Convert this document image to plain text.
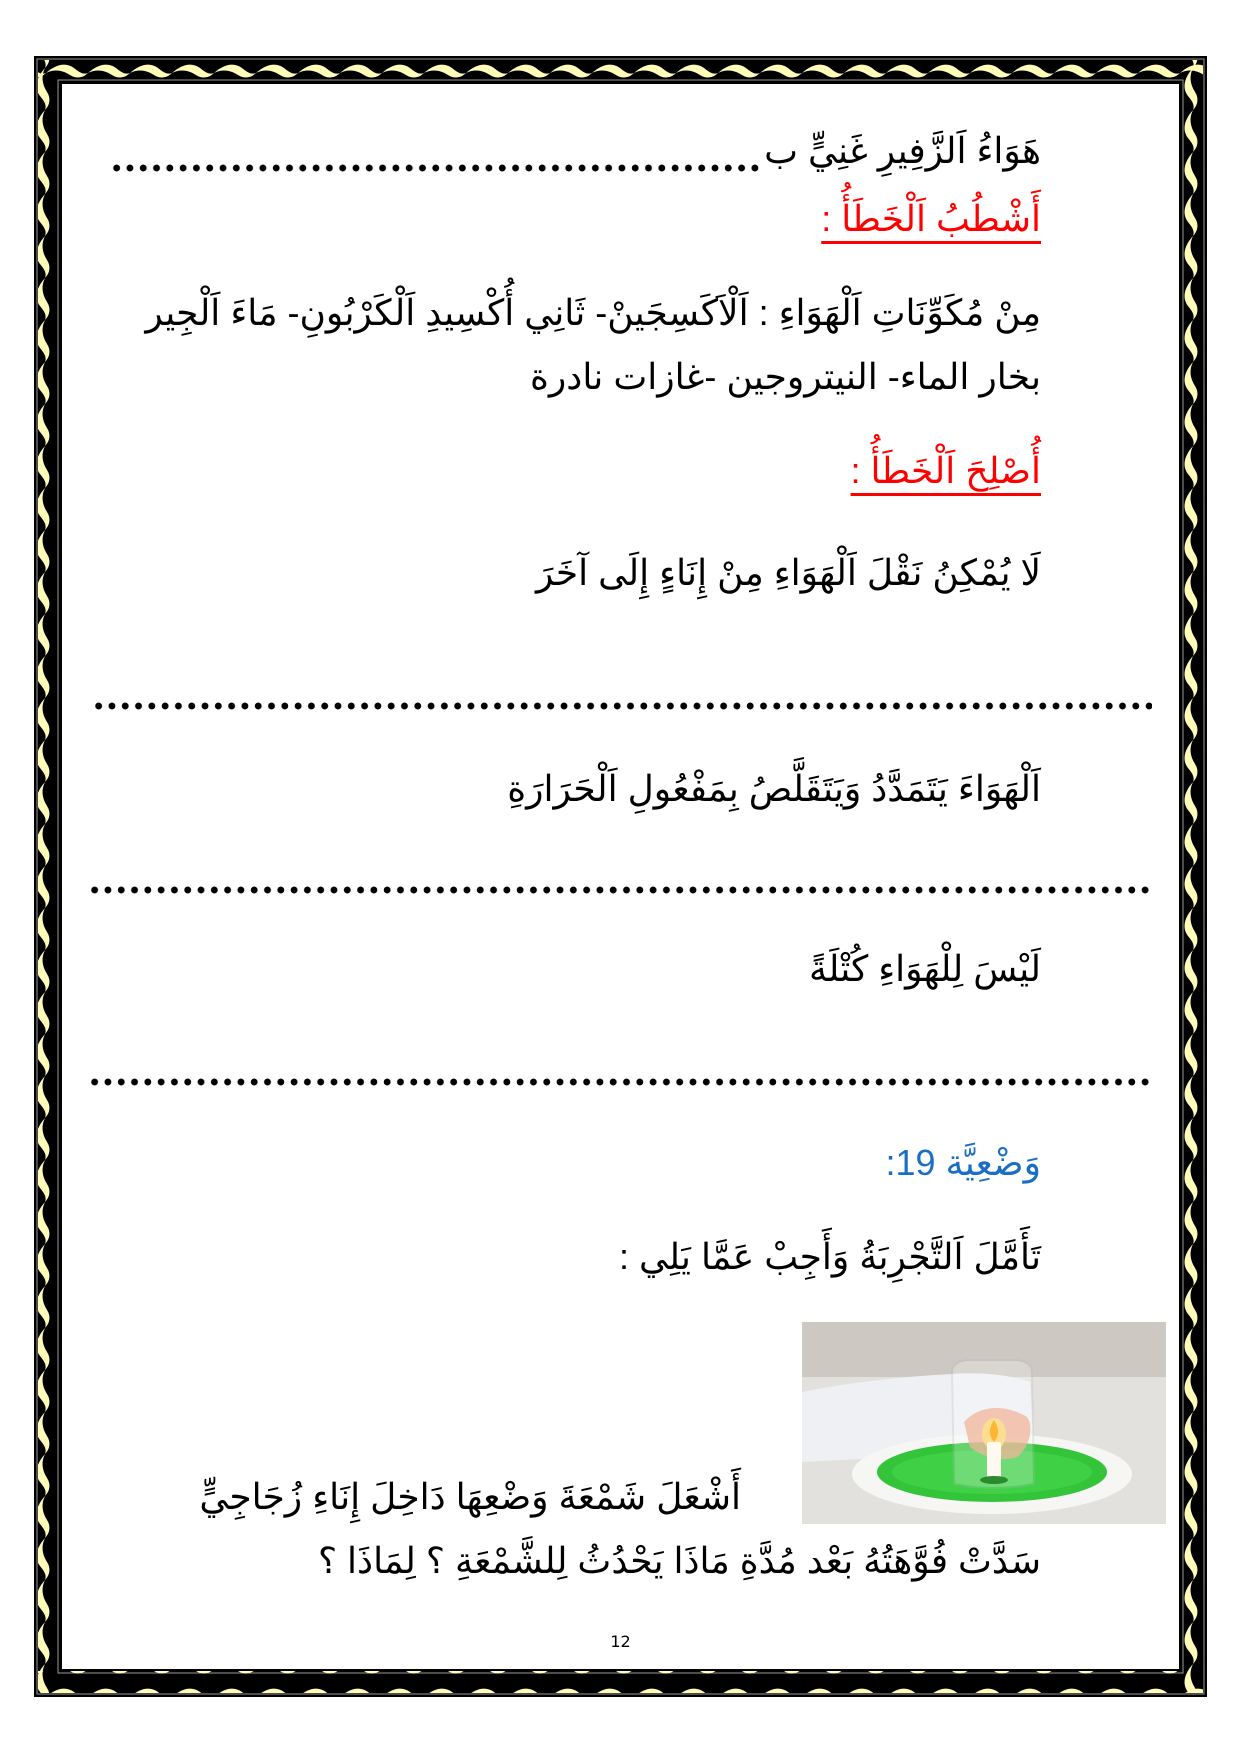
هَوَاءُ اَلزَّفِيرِ غَنِيٍّ ب
أَشْطُبُ اَلْخَطَأُ :
مِنْ مُكَوِّنَاتِ اَلْهَوَاءِ : اَلْاَكَسِجَينْ- ثَانِي أُكْسِيدِ اَلْكَرْبُونِ- مَاءَ اَلْجِير
بخار الماء- النيتروجين -غازات نادرة
أُصْلِحَ اَلْخَطَأُ :
لَا يُمْكِنُ نَقْلَ اَلْهَوَاءِ مِنْ إِنَاءٍ إِلَى آخَرَ
اَلْهَوَاءَ يَتَمَدَّدُ وَيَتَقَلَّصُ بِمَفْعُولِ اَلْحَرَارَةِ
لَيْسَ لِلْهَوَاءِ كُتْلَةً
وَضْعِيَّة 19:
تَأَمَّلَ اَلتَّجْرِبَةُ وَأَجِبْ عَمَّا يَلِي :
أَشْعَلَ شَمْعَةَ وَضْعِهَا دَاخِلَ إِنَاءِ زُجَاجِيٍّ
سَدَّتْ فُوَّهَتُهُ بَعْد مُدَّةِ مَاذَا يَحْدُثُ لِلشَّمْعَةِ ؟ لِمَاذَا ؟
12
